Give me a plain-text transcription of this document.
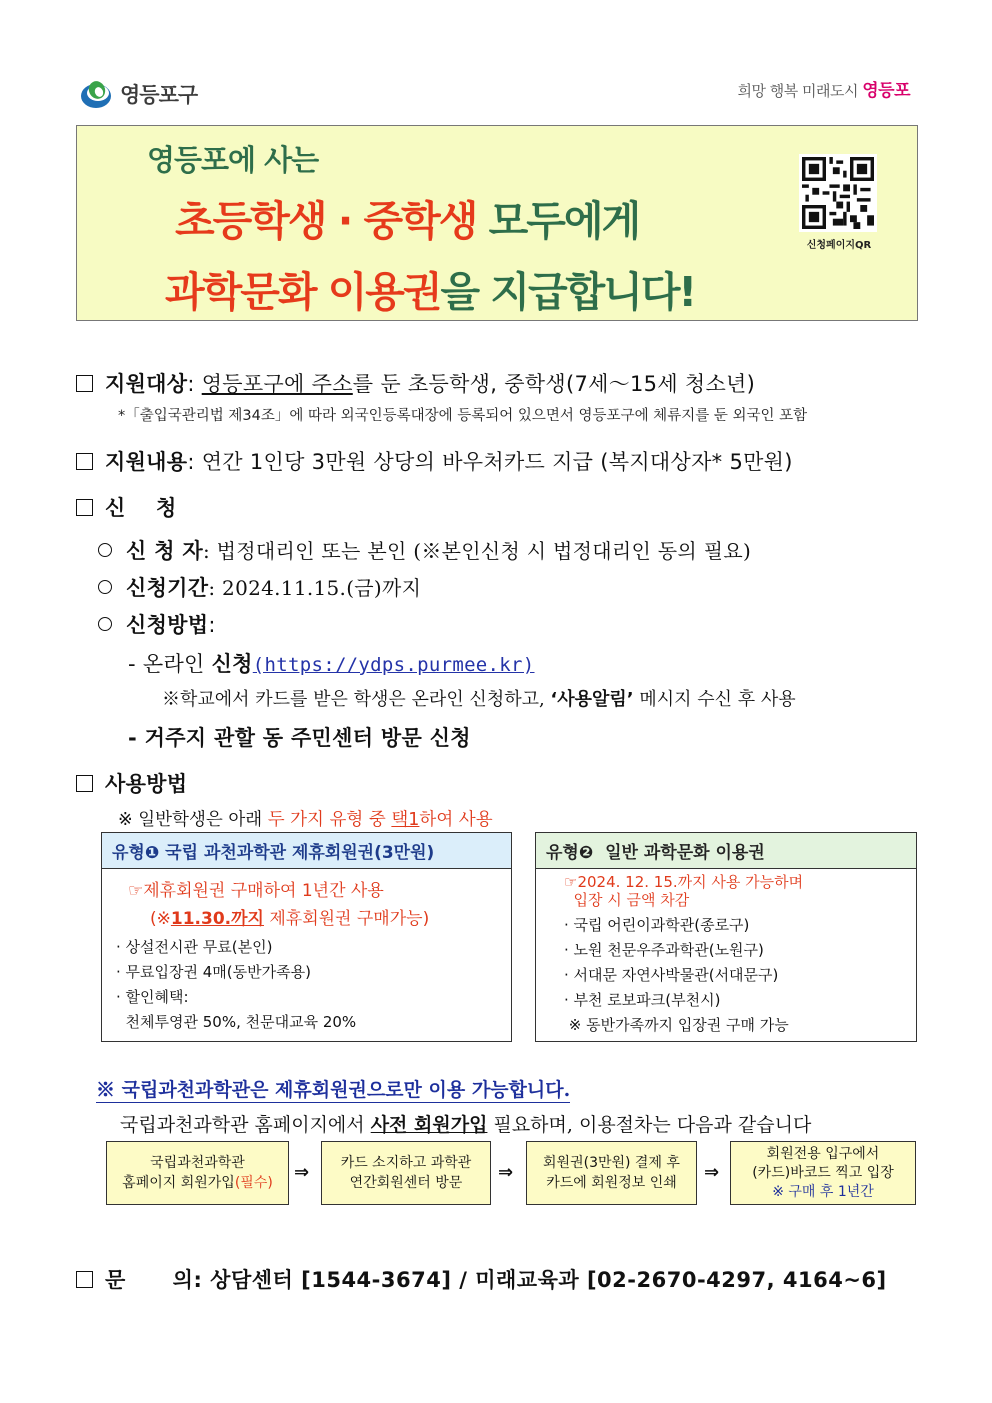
영등포구	희망 행복 미래도시 영등포
영등포에 사는
초등학생 · 중학생 모두에게
과학문화 이용권을 지급합니다!
신청페이지QR
지원대상: 영등포구에 주소를 둔 초등학생, 중학생(7세～15세 청소년)
*「출입국관리법 제34조」에 따라 외국인등록대장에 등록되어 있으면서 영등포구에 체류지를 둔 외국인 포함
지원내용: 연간 1인당 3만원 상당의 바우처카드 지급 (복지대상자* 5만원)
신    청
신 청 자: 법정대리인 또는 본인 (※본인신청 시 법정대리인 동의 필요)
신청기간: 2024.11.15.(금)까지
신청방법:
- 온라인 신청(https://ydps.purmee.kr)
※학교에서 카드를 받은 학생은 온라인 신청하고, ‘사용알림’ 메시지 수신 후 사용
- 거주지 관할 동 주민센터 방문 신청
사용방법
※ 일반학생은 아래 두 가지 유형 중 택1하여 사용
유형❶ 국립 과천과학관 제휴회원권(3만원)
☞제휴회원권 구매하여 1년간 사용
(※11.30.까지 제휴회원권 구매가능)
· 상설전시관 무료(본인)
· 무료입장권 4매(동반가족용)
· 할인혜택:
천체투영관 50%, 천문대교육 20%
유형❷  일반 과학문화 이용권
☞2024. 12. 15.까지 사용 가능하며
입장 시 금액 차감
· 국립 어린이과학관(종로구)
· 노원 천문우주과학관(노원구)
· 서대문 자연사박물관(서대문구)
· 부천 로보파크(부천시)
※ 동반가족까지 입장권 구매 가능
※ 국립과천과학관은 제휴회원권으로만 이용 가능합니다.
국립과천과학관 홈페이지에서 사전 회원가입 필요하며, 이용절차는 다음과 같습니다
국립과천과학관
홈페이지 회원가입(필수) ⇒ 카드 소지하고 과학관
연간회원센터 방문 ⇒ 회원권(3만원) 결제 후
카드에 회원정보 인쇄 ⇒
회원전용 입구에서
(카드)바코드 찍고 입장
※ 구매 후 1년간
문      의: 상담센터 [1544-3674] / 미래교육과 [02-2670-4297, 4164~6]
